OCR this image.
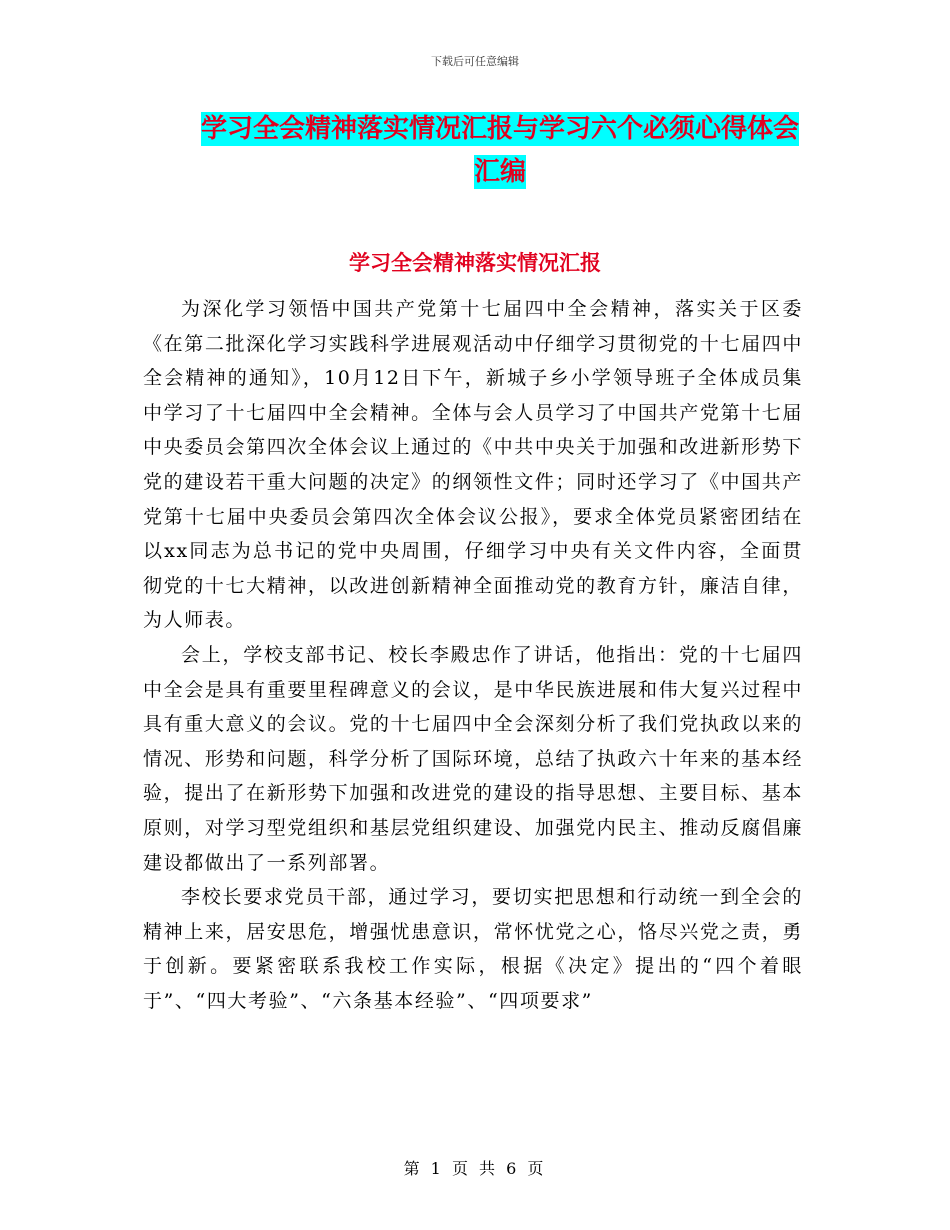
下载后可任意编辑
学习全会精神落实情况汇报与学习六个必须心得体会
汇编
学习全会精神落实情况汇报

为深化学习领悟中国共产党第十七届四中全会精神，落实关于区委《在第二批深化学习实践科学进展观活动中仔细学习贯彻党的十七届四中全会精神的通知》，10月12日下午，新城子乡小学领导班子全体成员集中学习了十七届四中全会精神。全体与会人员学习了中国共产党第十七届中央委员会第四次全体会议上通过的《中共中央关于加强和改进新形势下党的建设若干重大问题的决定》的纲领性文件；同时还学习了《中国共产党第十七届中央委员会第四次全体会议公报》，要求全体党员紧密团结在以xx同志为总书记的党中央周围，仔细学习中央有关文件内容，全面贯彻党的十七大精神，以改进创新精神全面推动党的教育方针，廉洁自律，为人师表。

会上，学校支部书记、校长李殿忠作了讲话，他指出：党的十七届四中全会是具有重要里程碑意义的会议，是中华民族进展和伟大复兴过程中具有重大意义的会议。党的十七届四中全会深刻分析了我们党执政以来的情况、形势和问题，科学分析了国际环境，总结了执政六十年来的基本经验，提出了在新形势下加强和改进党的建设的指导思想、主要目标、基本原则，对学习型党组织和基层党组织建设、加强党内民主、推动反腐倡廉建设都做出了一系列部署。

李校长要求党员干部，通过学习，要切实把思想和行动统一到全会的精神上来，居安思危，增强忧患意识，常怀忧党之心，恪尽兴党之责，勇于创新。要紧密联系我校工作实际，根据《决定》提出的“四个着眼于”、“四大考验”、“六条基本经验”、“四项要求”

第 1 页 共 6 页
